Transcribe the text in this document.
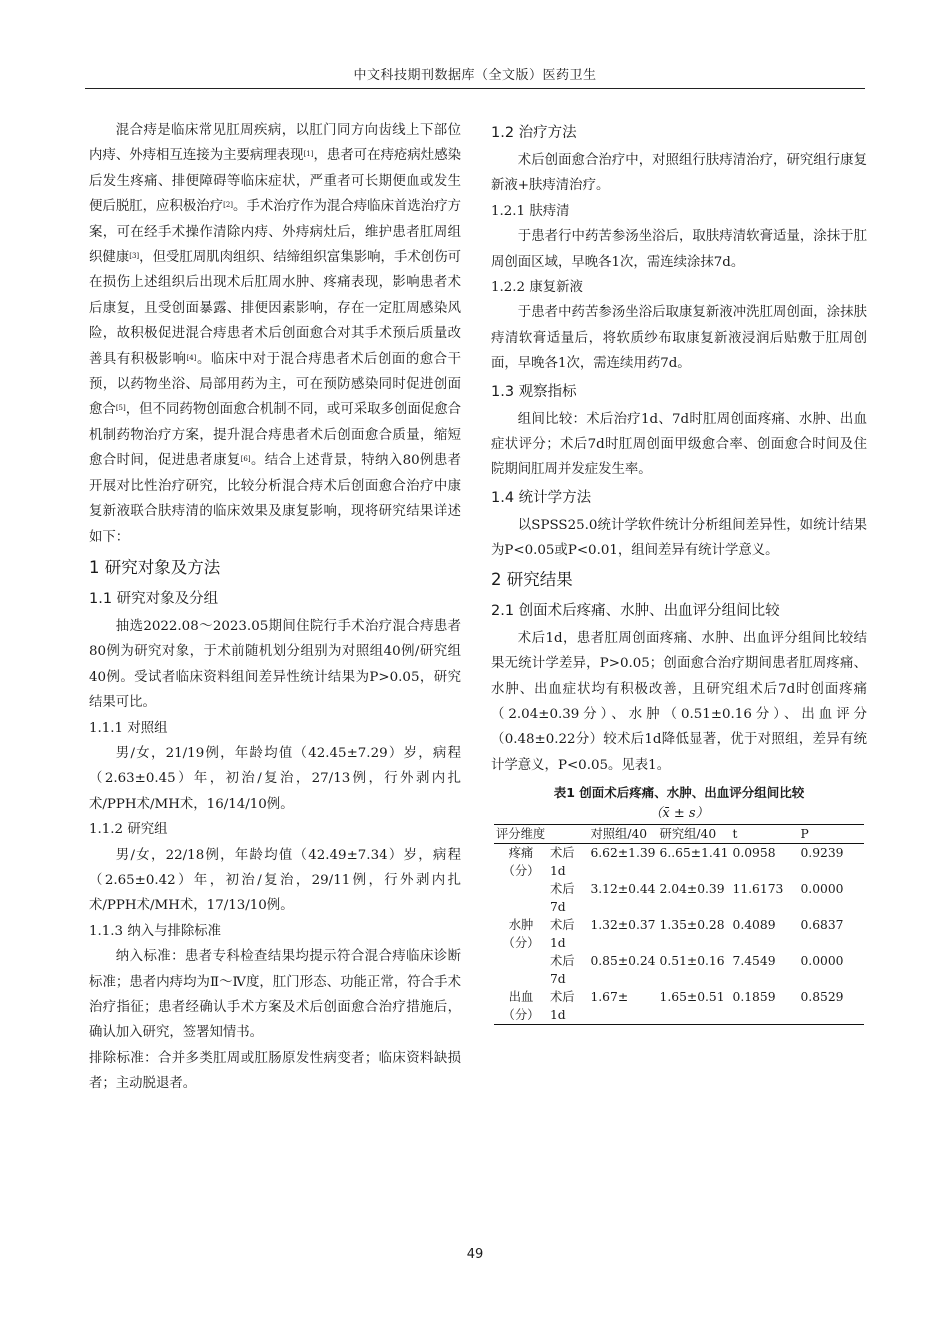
中文科技期刊数据库（全文版）医药卫生

混合痔是临床常见肛周疾病，以肛门同方向齿线上下部位内痔、外痔相互连接为主要病理表现[1]，患者可在痔疮病灶感染后发生疼痛、排便障碍等临床症状，严重者可长期便血或发生便后脱肛，应积极治疗[2]。手术治疗作为混合痔临床首选治疗方案，可在经手术操作清除内痔、外痔病灶后，维护患者肛周组织健康[3]，但受肛周肌肉组织、结缔组织富集影响，手术创伤可在损伤上述组织后出现术后肛周水肿、疼痛表现，影响患者术后康复，且受创面暴露、排便因素影响，存在一定肛周感染风险，故积极促进混合痔患者术后创面愈合对其手术预后质量改善具有积极影响[4]。临床中对于混合痔患者术后创面的愈合干预，以药物坐浴、局部用药为主，可在预防感染同时促进创面愈合[5]，但不同药物创面愈合机制不同，或可采取多创面促愈合机制药物治疗方案，提升混合痔患者术后创面愈合质量，缩短愈合时间，促进患者康复[6]。结合上述背景，特纳入80例患者开展对比性治疗研究，比较分析混合痔术后创面愈合治疗中康复新液联合肤痔清的临床效果及康复影响，现将研究结果详述如下：

1 研究对象及方法
1.1 研究对象及分组

抽选2022.08～2023.05期间住院行手术治疗混合痔患者80例为研究对象，于术前随机划分组别为对照组40例/研究组40例。受试者临床资料组间差异性统计结果为P>0.05，研究结果可比。

1.1.1 对照组

男/女，21/19例，年龄均值（42.45±7.29）岁，病程（2.63±0.45）年，初治/复治，27/13例，行外剥内扎术/PPH术/MH术，16/14/10例。

1.1.2 研究组

男/女，22/18例，年龄均值（42.49±7.34）岁，病程（2.65±0.42）年，初治/复治，29/11例，行外剥内扎术/PPH术/MH术，17/13/10例。

1.1.3 纳入与排除标准

纳入标准：患者专科检查结果均提示符合混合痔临床诊断标准；患者内痔均为Ⅱ～Ⅳ度，肛门形态、功能正常，符合手术治疗指征；患者经确认手术方案及术后创面愈合治疗措施后，确认加入研究，签署知情书。

排除标准：合并多类肛周或肛肠原发性病变者；临床资料缺损者；主动脱退者。

1.2 治疗方法

术后创面愈合治疗中，对照组行肤痔清治疗，研究组行康复新液+肤痔清治疗。

1.2.1 肤痔清

于患者行中药苦参汤坐浴后，取肤痔清软膏适量，涂抹于肛周创面区域，早晚各1次，需连续涂抹7d。

1.2.2 康复新液

于患者中药苦参汤坐浴后取康复新液冲洗肛周创面，涂抹肤痔清软膏适量后，将软质纱布取康复新液浸润后贴敷于肛周创面，早晚各1次，需连续用药7d。

1.3 观察指标

组间比较：术后治疗1d、7d时肛周创面疼痛、水肿、出血症状评分；术后7d时肛周创面甲级愈合率、创面愈合时间及住院期间肛周并发症发生率。

1.4 统计学方法

以SPSS25.0统计学软件统计分析组间差异性，如统计结果为P<0.05或P<0.01，组间差异有统计学意义。

2 研究结果
2.1 创面术后疼痛、水肿、出血评分组间比较

术后1d，患者肛周创面疼痛、水肿、出血评分组间比较结果无统计学差异，P>0.05；创面愈合治疗期间患者肛周疼痛、水肿、出血症状均有积极改善，且研究组术后7d时创面疼痛（2.04±0.39分）、水肿（0.51±0.16分）、出血评分（0.48±0.22分）较术后1d降低显著，优于对照组，差异有统计学意义，P<0.05。见表1。

表1 创面术后疼痛、水肿、出血评分组间比较
（x̄ ± s）
评分维度		对照组/40	研究组/40	t	P
疼痛（分）	术后1d	6.62±1.39	6..65±1.41	0.0958	0.9239
	术后7d	3.12±0.44	2.04±0.39	11.6173	0.0000
水肿（分）	术后1d	1.32±0.37	1.35±0.28	0.4089	0.6837
	术后7d	0.85±0.24	0.51±0.16	7.4549	0.0000
出血（分）	术后1d	1.67±	1.65±0.51	0.1859	0.8529
49
